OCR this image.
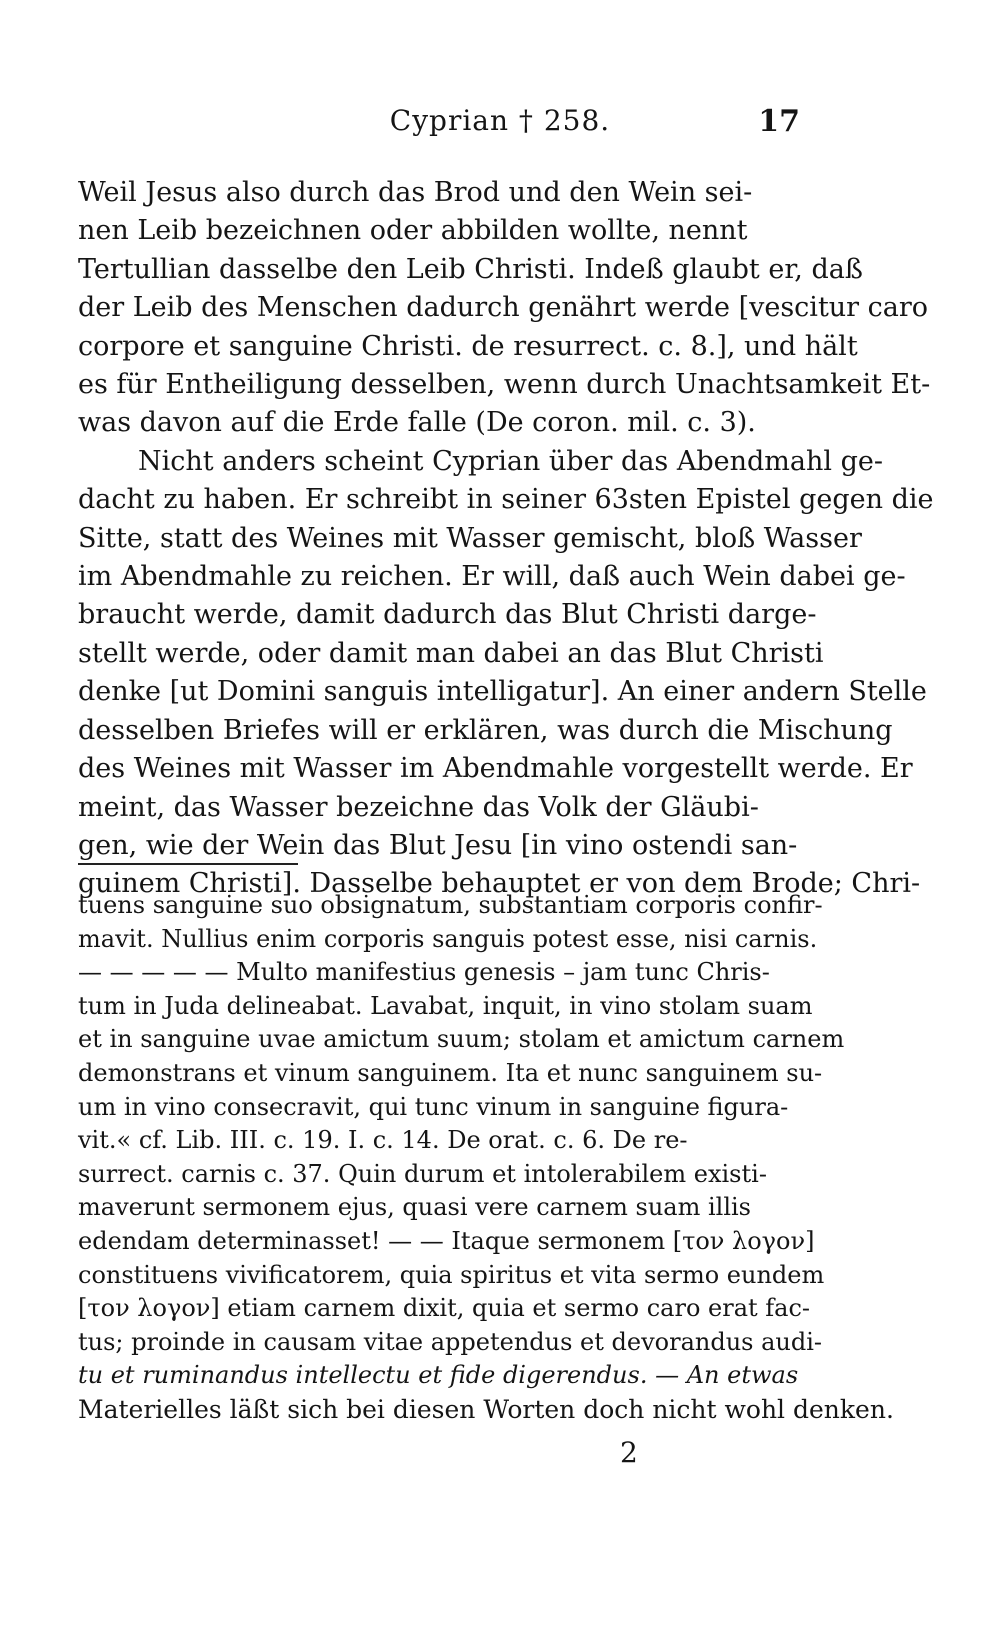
Cyprian † 258.	17

Weil Jesus also durch das Brod und den Wein sei-

nen Leib bezeichnen oder abbilden wollte, nennt

Tertullian dasselbe den Leib Christi. Indeß glaubt er, daß

der Leib des Menschen dadurch genährt werde [vescitur caro

corpore et sanguine Christi. de resurrect. c. 8.], und hält

es für Entheiligung desselben, wenn durch Unachtsamkeit Et-

was davon auf die Erde falle (De coron. mil. c. 3).

Nicht anders scheint Cyprian über das Abendmahl ge-

dacht zu haben. Er schreibt in seiner 63sten Epistel gegen die

Sitte, statt des Weines mit Wasser gemischt, bloß Wasser

im Abendmahle zu reichen. Er will, daß auch Wein dabei ge-

braucht werde, damit dadurch das Blut Christi darge-

stellt werde, oder damit man dabei an das Blut Christi

denke [ut Domini sanguis intelligatur]. An einer andern Stelle

desselben Briefes will er erklären, was durch die Mischung

des Weines mit Wasser im Abendmahle vorgestellt werde. Er

meint, das Wasser bezeichne das Volk der Gläubi-

gen, wie der Wein das Blut Jesu [in vino ostendi san-

guinem Christi]. Dasselbe behauptet er von dem Brode; Chri-

tuens sanguine suo obsignatum, substantiam corporis confir-

mavit. Nullius enim corporis sanguis potest esse, nisi carnis.

— — — — — Multo manifestius genesis – jam tunc Chris-

tum in Juda delineabat. Lavabat, inquit, in vino stolam suam

et in sanguine uvae amictum suum; stolam et amictum carnem

demonstrans et vinum sanguinem. Ita et nunc sanguinem su-

um in vino consecravit, qui tunc vinum in sanguine figura-

vit.« cf. Lib. III. c. 19. I. c. 14. De orat. c. 6. De re-

surrect. carnis c. 37. Quin durum et intolerabilem existi-

maverunt sermonem ejus, quasi vere carnem suam illis

edendam determinasset! — — Itaque sermonem [τον λογον]

constituens vivificatorem, quia spiritus et vita sermo eundem

[τον λογον] etiam carnem dixit, quia et sermo caro erat fac-

tus; proinde in causam vitae appetendus et devorandus audi-

tu et ruminandus intellectu et fide digerendus. — An etwas

Materielles läßt sich bei diesen Worten doch nicht wohl denken.

2
